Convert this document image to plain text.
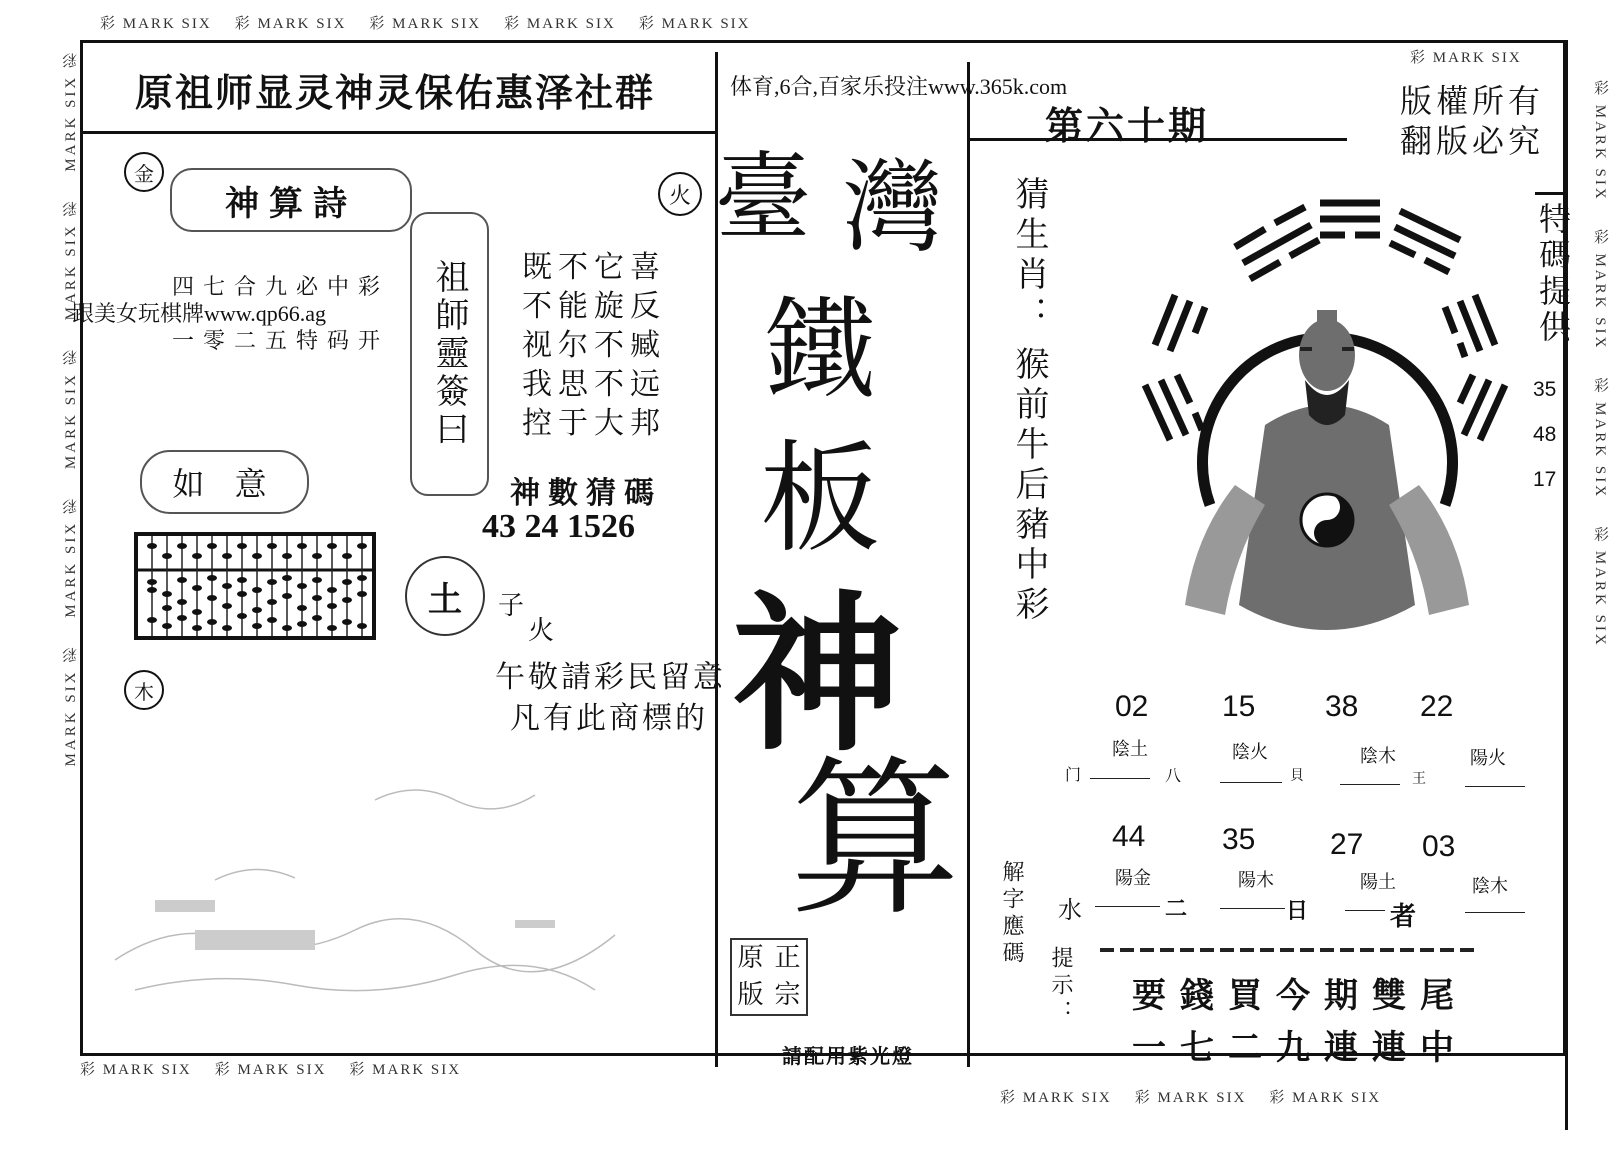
彩 MARK SIX 彩 MARK SIX 彩 MARK SIX 彩 MARK SIX 彩 MARK SIX
彩 MARK SIX
彩 MARK SIX 彩 MARK SIX 彩 MARK SIX
彩 MARK SIX 彩 MARK SIX 彩 MARK SIX
MARK SIX 彩    MARK SIX 彩    MARK SIX 彩    MARK SIX 彩    MARK SIX 彩
彩 MARK SIX    彩 MARK SIX    彩 MARK SIX    彩 MARK SIX
原祖师显灵神灵保佑惠泽社群
金
火
神算詩
四七合九必中彩
跟美女玩棋牌www.qp66.ag
一零二五特码开 祖師靈簽曰 既不它喜
不能旋反
视尔不臧
我思不远
控于大邦
神數猜碼
43 24 1526
如 意
土	子
火
午敬請彩民留意
凡有此商標的
木
体育,6合,百家乐投注www.365k.com
臺 灣
鐵
板
神
算
原 正
版 宗
請配用紫光燈
第六十期
版權所有
翻版必究
猜生肖：
猴前牛后豬中彩
特碼提供
35
48
17
02 15 38 22
陰土	陰火	陰木	陽火
门	八	貝	王
44	35 27 03
陽金	陽木	陽土	陰木
水	二	日	者
解字應碼
提示： 要錢買今期雙尾
一七二九連連中
